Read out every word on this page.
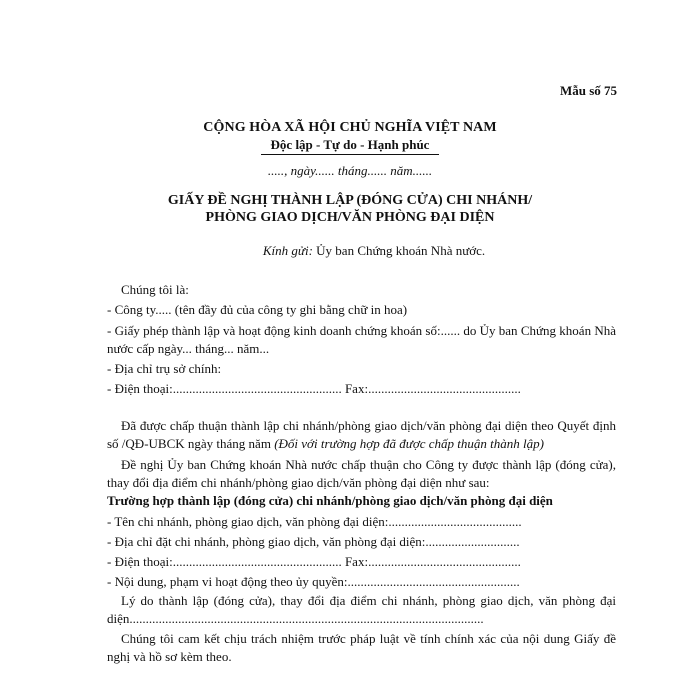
Mẫu số 75
CỘNG HÒA XÃ HỘI CHỦ NGHĨA VIỆT NAM
Độc lập - Tự do - Hạnh phúc
....., ngày...... tháng...... năm......
GIẤY ĐỀ NGHỊ THÀNH LẬP (ĐÓNG CỬA) CHI NHÁNH/
PHÒNG GIAO DỊCH/VĂN PHÒNG ĐẠI DIỆN
Kính gửi: Ủy ban Chứng khoán Nhà nước.
Chúng tôi là:
- Công ty..... (tên đầy đủ của công ty ghi bằng chữ in hoa)
- Giấy phép thành lập và hoạt động kinh doanh chứng khoán số:...... do Ủy ban Chứng khoán Nhà nước cấp ngày... tháng... năm...
- Địa chỉ trụ sở chính:
- Điện thoại:.................................................... Fax:...............................................
Đã được chấp thuận thành lập chi nhánh/phòng giao dịch/văn phòng đại diện theo Quyết định số /QĐ-UBCK ngày tháng năm (Đối với trường hợp đã được chấp thuận thành lập)
Đề nghị Ủy ban Chứng khoán Nhà nước chấp thuận cho Công ty được thành lập (đóng cửa), thay đổi địa điểm chi nhánh/phòng giao dịch/văn phòng đại diện như sau:
Trường hợp thành lập (đóng cửa) chi nhánh/phòng giao dịch/văn phòng đại diện
- Tên chi nhánh, phòng giao dịch, văn phòng đại diện:.........................................
- Địa chỉ đặt chi nhánh, phòng giao dịch, văn phòng đại diện:.............................
- Điện thoại:.................................................... Fax:...............................................
- Nội dung, phạm vi hoạt động theo ủy quyền:.....................................................
Lý do thành lập (đóng cửa), thay đổi địa điểm chi nhánh, phòng giao dịch, văn phòng đại diện.............................................................................................................
Chúng tôi cam kết chịu trách nhiệm trước pháp luật về tính chính xác của nội dung Giấy đề nghị và hồ sơ kèm theo.
